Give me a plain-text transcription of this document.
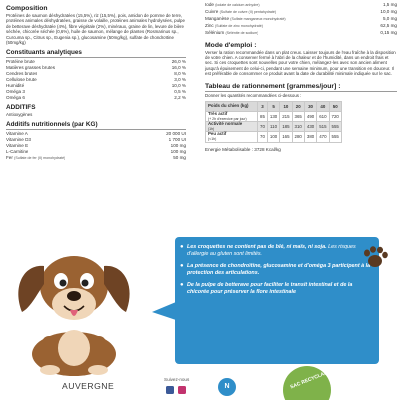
Composition
Protéines de saumon déshydratées (15,5%), riz (15,5%), pois, amidon de pomme de terre, protéines animales déshydratées, graisse de volaille, protéines animales hydrolysées, pulpe de betterave déshydratée (4%), fibre végétale (2%), minéraux, graine de lin, levure de bière séchée, chicorée séchée (0,6%), huile de saumon, mélange de plantes (Rosmarinus sp., Curcuma sp., Citrus sp., Eugenia sp.), glucosamine (50mg/kg), sulfate de chondroïtine (50mg/kg)
Constituants analytiques
Protéine brute	26,0 %
Matières grasses brutes	16,0 %
Cendres brutes	8,0 %
Cellulose brute	3,0 %
Humidité	10,0 %
Oméga 3	0,5 %
Oméga 6	2,2 %
ADDITIFS
Antioxygènes
Additifs nutritionnels (par KG)
Vitamine A	20 000 UI
Vitamine D3	1 700 UI
Vitamine E	100 mg
L-Carnitine	100 mg
Fer (Sulfate de fer (II) monohydraté)	50 mg
Iode (iodate de calcium anhydre)	1,5 mg
Cuivre (Sulfate de cuivre (II) pentahydraté)	10,0 mg
Manganèse (Sulfate manganeux monohydraté)	5,0 mg
Zinc (Sulfate de zinc monohydraté)	62,5 mg
Sélénium (Sélénite de sodium)	0,15 mg
Mode d'emploi :
Verser la ration recommandée dans un plat creux. Laisser toujours de l'eau fraîche à la disposition de votre chien. A conserver fermé à l'abri de la chaleur et de l'humidité, dans un endroit frais et sec. Si ces croquettes sont nouvelles pour votre chien, mélangez-les avec son ancien aliment jusqu'à épuisement de celui-ci, pendant une semaine minimum, pour une transition en douceur. Il est préférable de consommer ce produit avant la date de durabilité minimale indiquée sur le sac.
Tableau de rationnement [grammes/jour] :
Donner les quantités recommandées ci-dessous :
Poids du chien (kg)	3	5	10	20	30	40	50
Très actif
(+ 2h d'exercice par jour)	85	130	215	365	490	610	720
Activité normale
(1h)	70	110	185	310	430	515	555
Peu actif
(<1h)	70	100	165	280	380	470	555
Energie Métabolisable : 3728 Kcal/kg
● Les croquettes ne contient pas de blé, ni maïs, ni soja. Les risques d'allergie au gluten sont limités.
● La présence de chondroïtine, glucosamine et d'oméga 3 participent à la protection des articulations.
● De la pulpe de betterave pour faciliter le transit intestinal et de la chicorée pour préserver la flore intestinale
AUVERGNE
Suivez-nous
N	SAC RECYCLABLE
